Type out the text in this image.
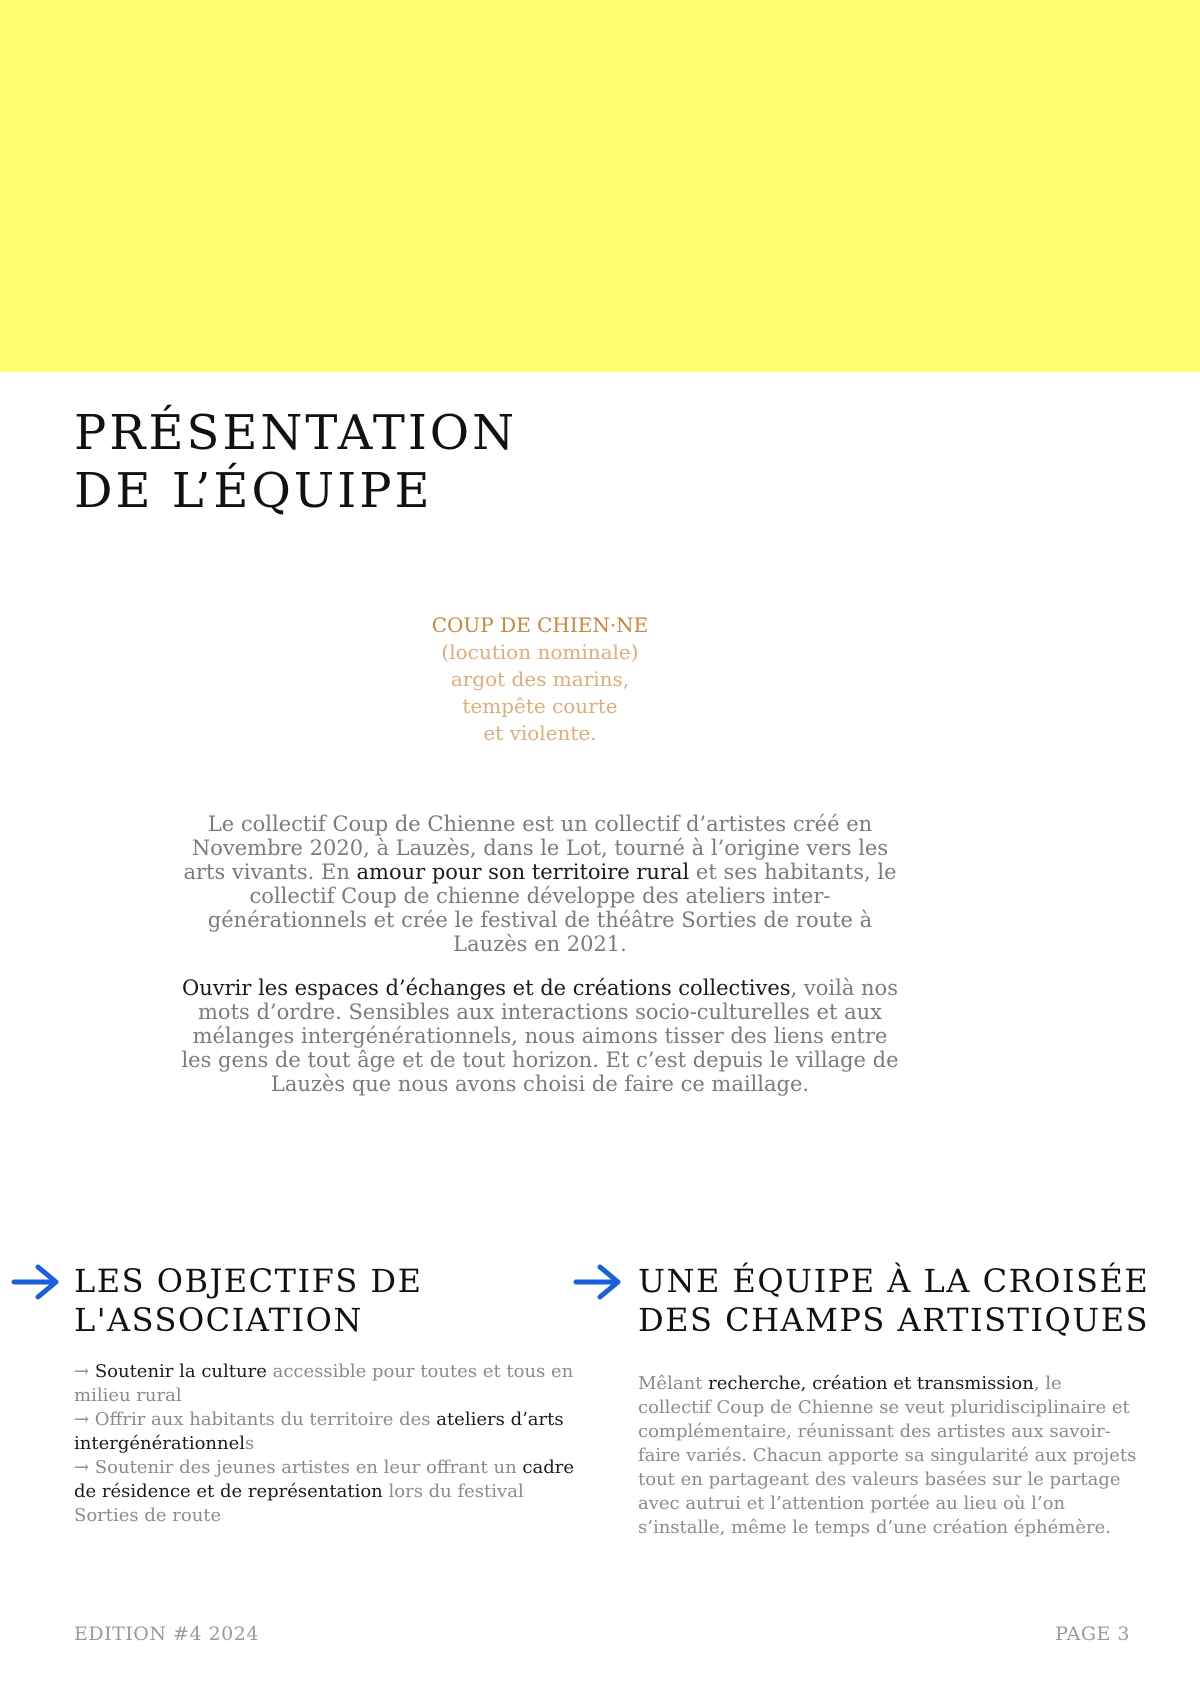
PRÉSENTATION
DE L’ÉQUIPE
COUP DE CHIEN·NE
(locution nominale)
argot des marins,
tempête courte
et violente.

Le collectif Coup de Chienne est un collectif d’artistes créé en Novembre 2020, à Lauzès, dans le Lot, tourné à l’origine vers les arts vivants. En amour pour son territoire rural et ses habitants, le collectif Coup de chienne développe des ateliers inter-générationnels et crée le festival de théâtre Sorties de route à Lauzès en 2021.

Ouvrir les espaces d’échanges et de créations collectives, voilà nos mots d’ordre. Sensibles aux interactions socio-culturelles et aux mélanges intergénérationnels, nous aimons tisser des liens entre les gens de tout âge et de tout horizon. Et c’est depuis le village de Lauzès que nous avons choisi de faire ce maillage.

LES OBJECTIFS DE
L'ASSOCIATION
→ Soutenir la culture accessible pour toutes et tous en milieu rural
→ Offrir aux habitants du territoire des ateliers d’arts intergénérationnels
→ Soutenir des jeunes artistes en leur offrant un cadre de résidence et de représentation lors du festival Sorties de route
UNE ÉQUIPE À LA CROISÉE
DES CHAMPS ARTISTIQUES
Mêlant recherche, création et transmission, le collectif Coup de Chienne se veut pluridisciplinaire et complémentaire, réunissant des artistes aux savoir-faire variés. Chacun apporte sa singularité aux projets tout en partageant des valeurs basées sur le partage avec autrui et l’attention portée au lieu où l’on s’installe, même le temps d’une création éphémère.
EDITION #4 2024	PAGE 3
